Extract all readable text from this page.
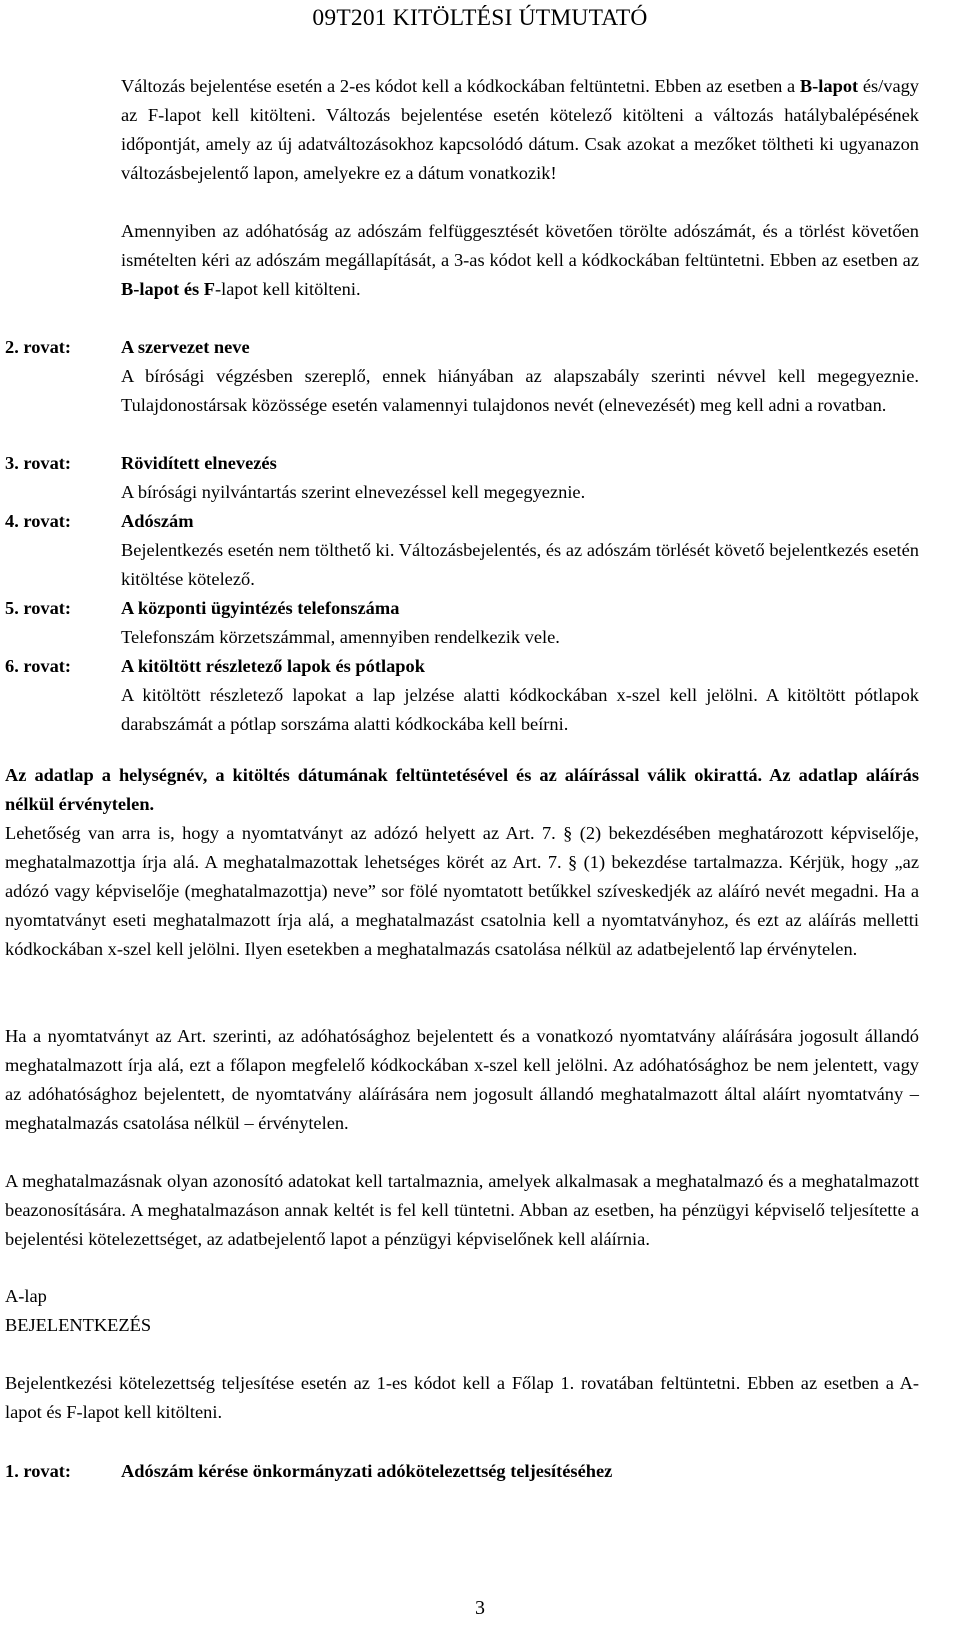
09T201 KITÖLTÉSI ÚTMUTATÓ
Változás bejelentése esetén a 2-es kódot kell a kódkockában feltüntetni. Ebben az esetben a B-lapot és/vagy az F-lapot kell kitölteni. Változás bejelentése esetén kötelező kitölteni a változás hatálybalépésének időpontját, amely az új adatváltozásokhoz kapcsolódó dátum. Csak azokat a mezőket töltheti ki ugyanazon változásbejelentő lapon, amelyekre ez a dátum vonatkozik!
Amennyiben az adóhatóság az adószám felfüggesztését követően törölte adószámát, és a törlést követően ismételten kéri az adószám megállapítását, a 3-as kódot kell a kódkockában feltüntetni. Ebben az esetben az B-lapot és F-lapot kell kitölteni.
2. rovat:	A szervezet neve
A bírósági végzésben szereplő, ennek hiányában az alapszabály szerinti névvel kell megegyeznie. Tulajdonostársak közössége esetén valamennyi tulajdonos nevét (elnevezését) meg kell adni a rovatban.
3. rovat:	Rövidített elnevezés
A bírósági nyilvántartás szerint elnevezéssel kell megegyeznie.
4. rovat:	Adószám
Bejelentkezés esetén nem tölthető ki. Változásbejelentés, és az adószám törlését követő bejelentkezés esetén kitöltése kötelező.
5. rovat:	A központi ügyintézés telefonszáma
Telefonszám körzetszámmal, amennyiben rendelkezik vele.
6. rovat:	A kitöltött részletező lapok és pótlapok
A kitöltött részletező lapokat a lap jelzése alatti kódkockában x-szel kell jelölni. A kitöltött pótlapok darabszámát a pótlap sorszáma alatti kódkockába kell beírni.
Az adatlap a helységnév, a kitöltés dátumának feltüntetésével és az aláírással válik okirattá. Az adatlap aláírás nélkül érvénytelen.
Lehetőség van arra is, hogy a nyomtatványt az adózó helyett az Art. 7. § (2) bekezdésében meghatározott képviselője, meghatalmazottja írja alá. A meghatalmazottak lehetséges körét az Art. 7. § (1) bekezdése tartalmazza. Kérjük, hogy „az adózó vagy képviselője (meghatalmazottja) neve” sor fölé nyomtatott betűkkel szíveskedjék az aláíró nevét megadni. Ha a nyomtatványt eseti meghatalmazott írja alá, a meghatalmazást csatolnia kell a nyomtatványhoz, és ezt az aláírás melletti kódkockában x-szel kell jelölni. Ilyen esetekben a meghatalmazás csatolása nélkül az adatbejelentő lap érvénytelen.
Ha a nyomtatványt az Art. szerinti, az adóhatósághoz bejelentett és a vonatkozó nyomtatvány aláírására jogosult állandó meghatalmazott írja alá, ezt a főlapon megfelelő kódkockában x-szel kell jelölni. Az adóhatósághoz be nem jelentett, vagy az adóhatósághoz bejelentett, de nyomtatvány aláírására nem jogosult állandó meghatalmazott által aláírt nyomtatvány – meghatalmazás csatolása nélkül – érvénytelen.
A meghatalmazásnak olyan azonosító adatokat kell tartalmaznia, amelyek alkalmasak a meghatalmazó és a meghatalmazott beazonosítására. A meghatalmazáson annak keltét is fel kell tüntetni. Abban az esetben, ha pénzügyi képviselő teljesítette a bejelentési kötelezettséget, az adatbejelentő lapot a pénzügyi képviselőnek kell aláírnia.
A-lap
BEJELENTKEZÉS
Bejelentkezési kötelezettség teljesítése esetén az 1-es kódot kell a Főlap 1. rovatában feltüntetni. Ebben az esetben a A-lapot és F-lapot kell kitölteni.
1. rovat:	Adószám kérése önkormányzati adókötelezettség teljesítéséhez
3
